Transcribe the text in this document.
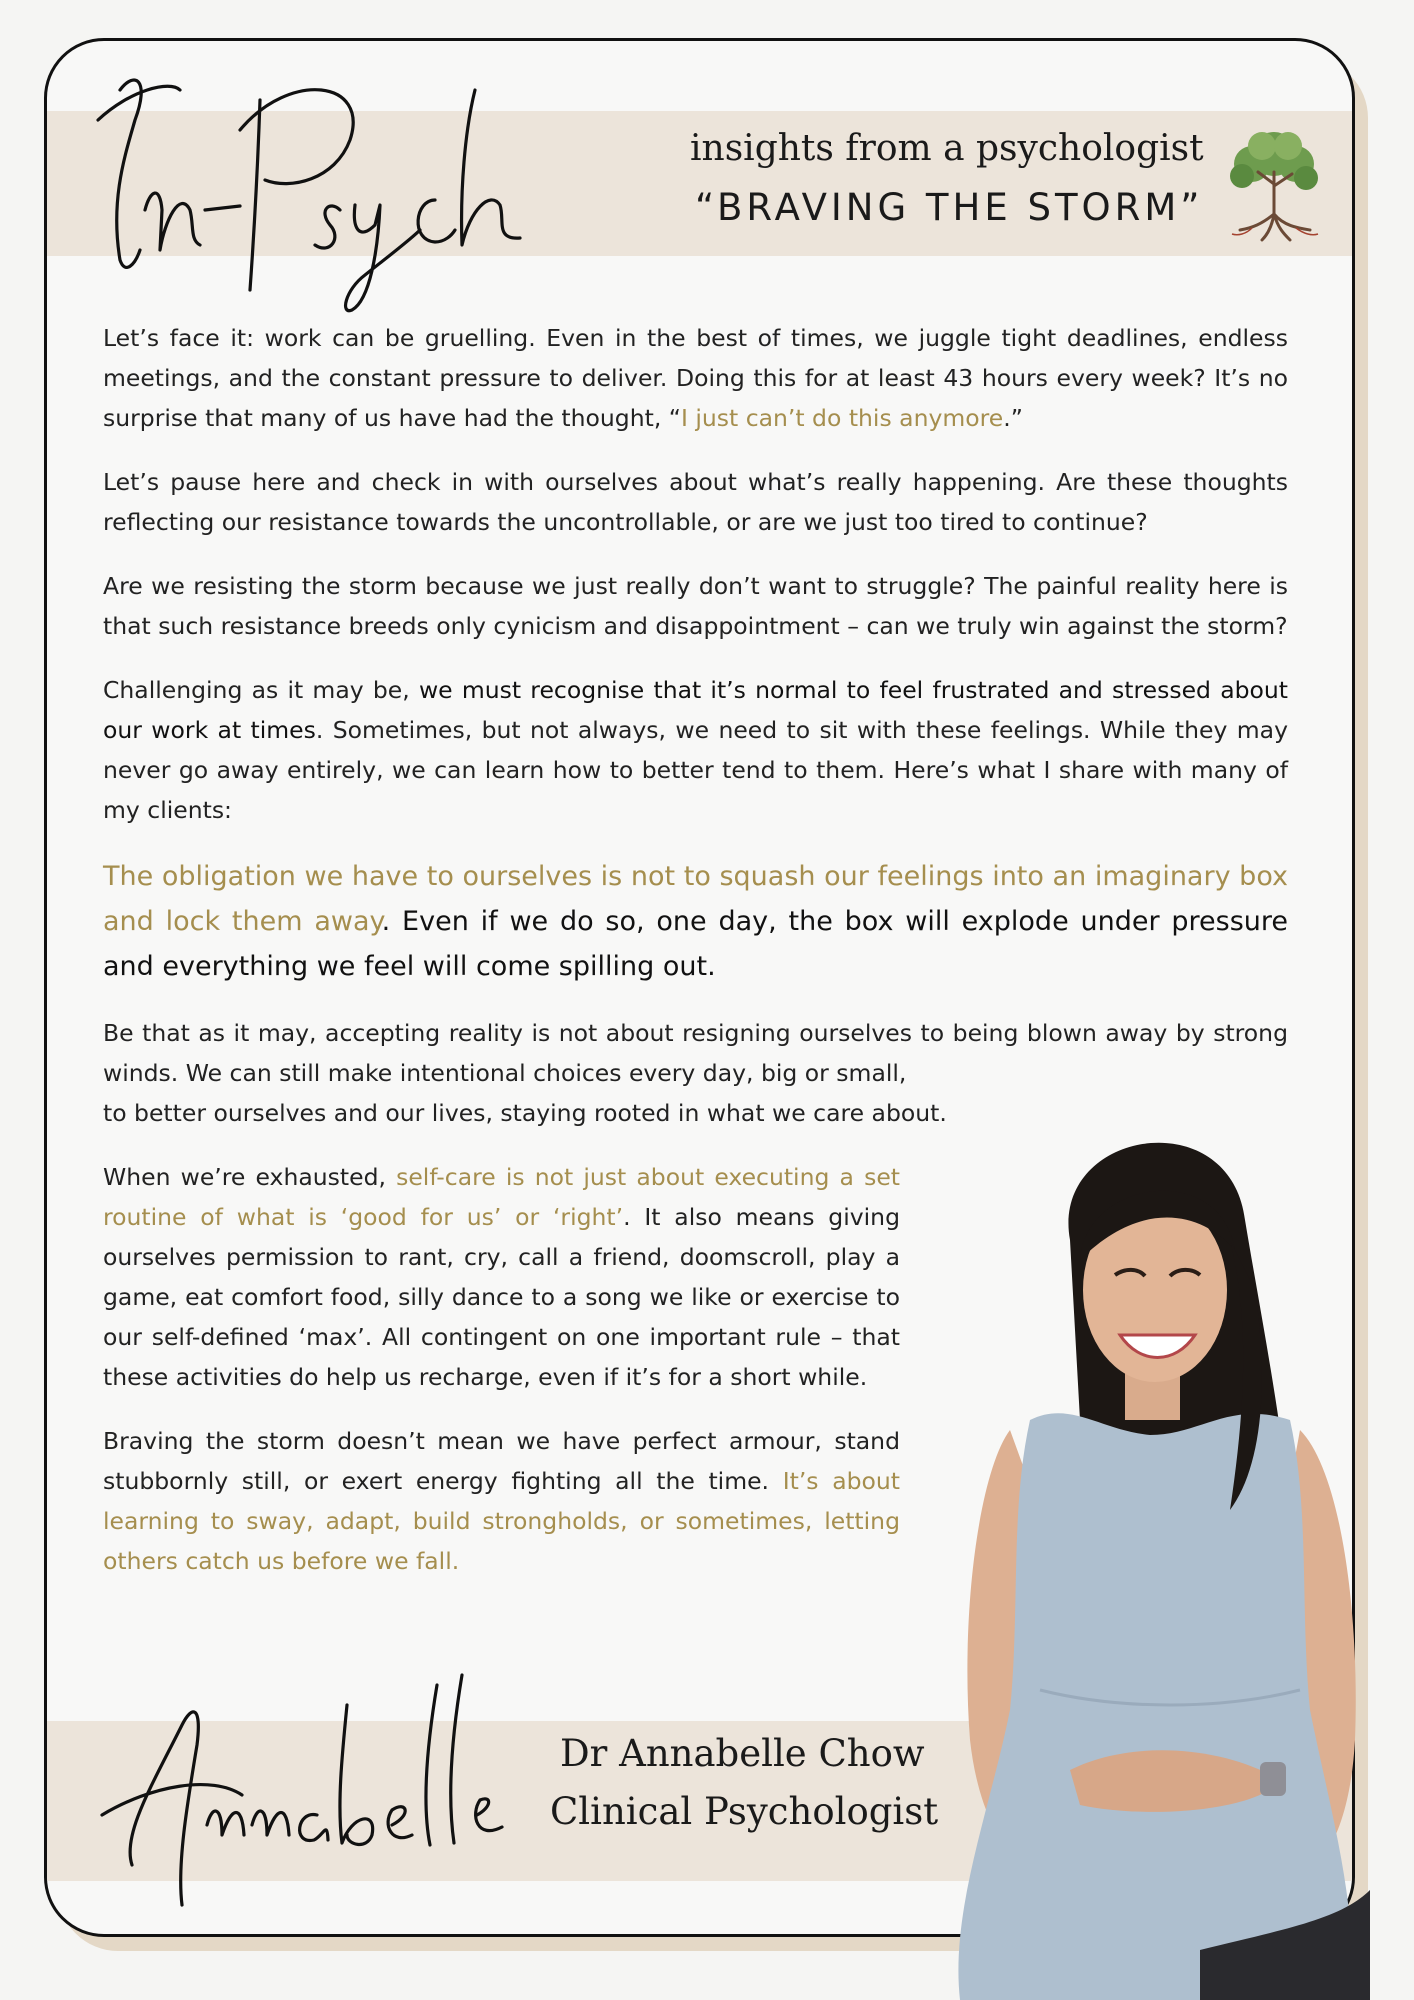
insights from a psychologist
“BRAVING THE STORM”

Let’s face it: work can be gruelling. Even in the best of times, we juggle tight deadlines, endless meetings, and the constant pressure to deliver. Doing this for at least 43 hours every week? It’s no surprise that many of us have had the thought, “I just can’t do this anymore.”

Let’s pause here and check in with ourselves about what’s really happening. Are these thoughts reflecting our resistance towards the uncontrollable, or are we just too tired to continue?

Are we resisting the storm because we just really don’t want to struggle? The painful reality here is that such resistance breeds only cynicism and disappointment – can we truly win against the storm?

Challenging as it may be, we must recognise that it’s normal to feel frustrated and stressed about our work at times. Sometimes, but not always, we need to sit with these feelings. While they may never go away entirely, we can learn how to better tend to them. Here’s what I share with many of my clients:

The obligation we have to ourselves is not to squash our feelings into an imaginary box and lock them away. Even if we do so, one day, the box will explode under pressure and everything we feel will come spilling out.

Be that as it may, accepting reality is not about resigning ourselves to being blown away by strong winds. We can still make intentional choices every day, big or small,
to better ourselves and our lives, staying rooted in what we care about.

When we’re exhausted, self-care is not just about executing a set routine of what is ‘good for us’ or ‘right’. It also means giving ourselves permission to rant, cry, call a friend, doomscroll, play a game, eat comfort food, silly dance to a song we like or exercise to our self-defined ‘max’. All contingent on one important rule – that these activities do help us recharge, even if it’s for a short while.

Braving the storm doesn’t mean we have perfect armour, stand stubbornly still, or exert energy fighting all the time. It’s about learning to sway, adapt, build strongholds, or sometimes, letting others catch us before we fall.

Dr Annabelle Chow
Clinical Psychologist
